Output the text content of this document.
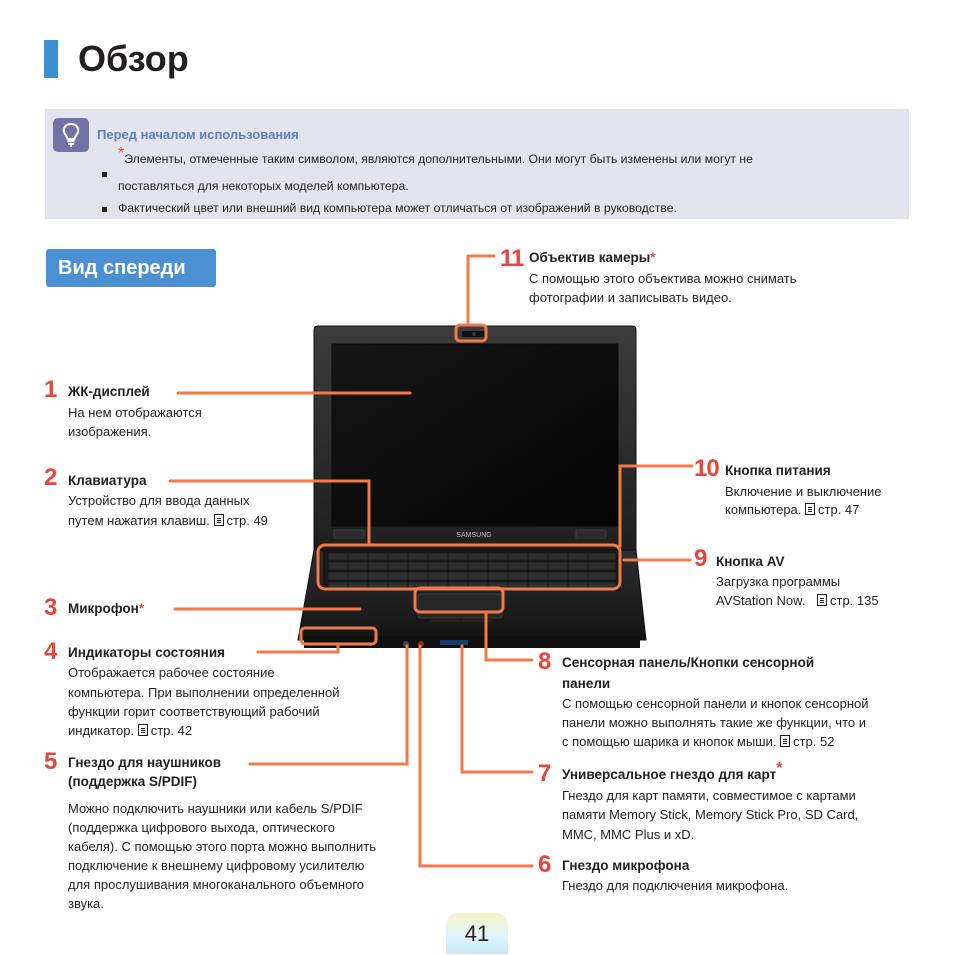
Обзор
Перед началом использования
*Элементы, отмеченные таким символом, являются дополнительными. Они могут быть изменены или могут не
поставляться для некоторых моделей компьютера.
Фактический цвет или внешний вид компьютера может отличаться от изображений в руководстве.
Вид спереди
SAMSUNG
11 Объектив камеры*
С помощью этого объектива можно снимать
фотографии и записывать видео.
1 ЖК-дисплей
На нем отображаются
изображения.
2 Клавиатура
Устройство для ввода данных
путем нажатия клавиш. стр. 49
10 Кнопка питания
Включение и выключение
компьютера. стр. 47
9 Кнопка AV
Загрузка программы
AVStation Now. стр. 135
3 Микрофон*
4 Индикаторы состояния
Отображается рабочее состояние
компьютера. При выполнении определенной
функции горит соответствующий рабочий
индикатор. стр. 42
8 Сенсорная панель/Кнопки сенсорной
панели
С помощью сенсорной панели и кнопок сенсорной
панели можно выполнять такие же функции, что и
с помощью шарика и кнопок мыши. стр. 52
5 Гнездо для наушников
(поддержка S/PDIF)
Можно подключить наушники или кабель S/PDIF
(поддержка цифрового выхода, оптического
кабеля). С помощью этого порта можно выполнить
подключение к внешнему цифровому усилителю
для прослушивания многоканального объемного
звука.
7 Универсальное гнездо для карт*
Гнездо для карт памяти, совместимое с картами
памяти Memory Stick, Memory Stick Pro, SD Card,
MMC, MMC Plus и xD.
6 Гнездо микрофона
Гнездо для подключения микрофона.
41
